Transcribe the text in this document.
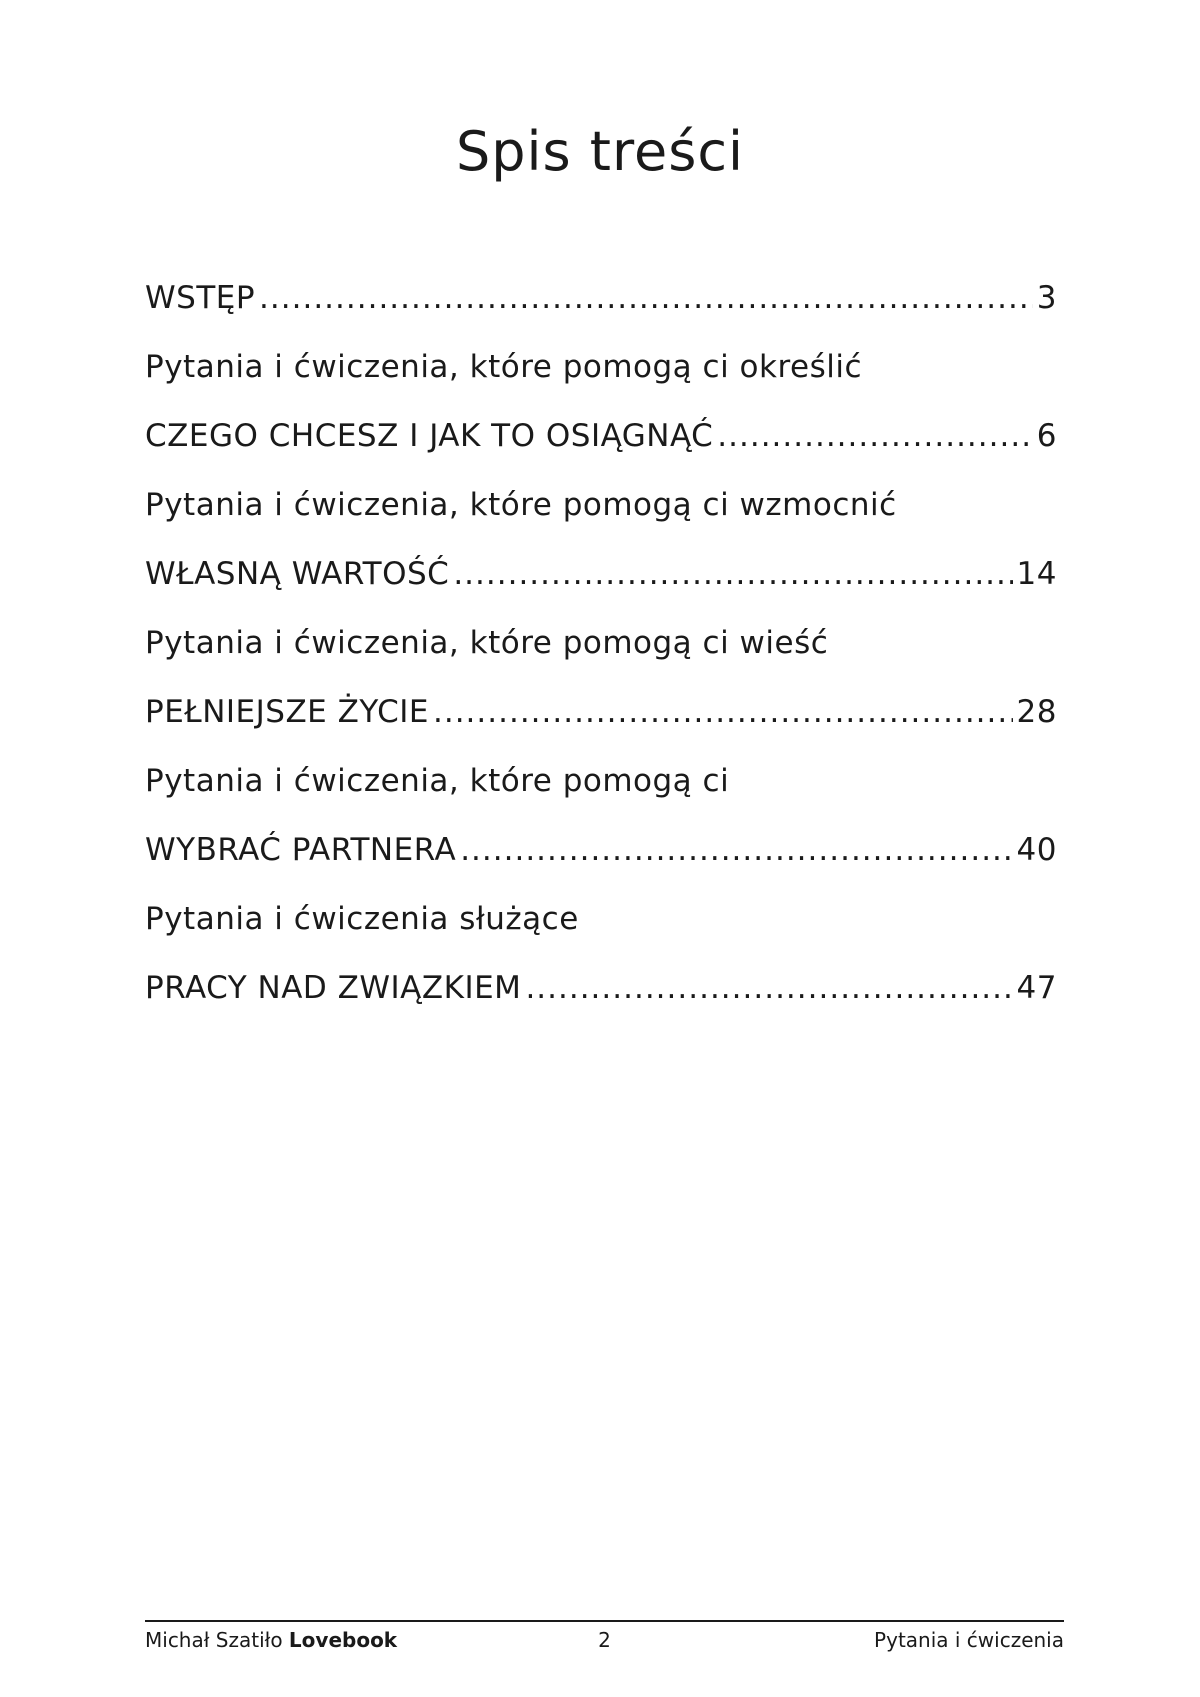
Spis treści
WSTĘP .....	3
Pytania i ćwiczenia, które pomogą ci określić
CZEGO CHCESZ I JAK TO OSIĄGNĄĆ .....	6
Pytania i ćwiczenia, które pomogą ci wzmocnić
WŁASNĄ WARTOŚĆ .....	14
Pytania i ćwiczenia, które pomogą ci wieść
PEŁNIEJSZE ŻYCIE .....	28
Pytania i ćwiczenia, które pomogą ci
WYBRAĆ PARTNERA .....	40
Pytania i ćwiczenia służące
PRACY NAD ZWIĄZKIEM .....	47
Michał Szatiło Lovebook	2	Pytania i ćwiczenia
